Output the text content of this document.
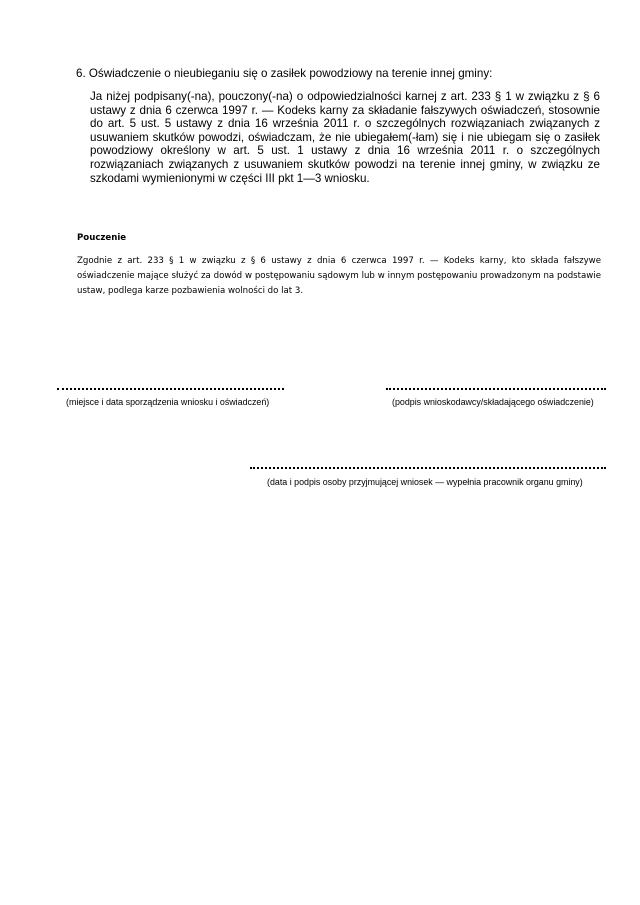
6. Oświadczenie o nieubieganiu się o zasiłek powodziowy na terenie innej gminy:
Ja niżej podpisany(-na), pouczony(-na) o odpowiedzialności karnej z art. 233 § 1 w związku z § 6 ustawy z dnia 6 czerwca 1997 r. — Kodeks karny za składanie fałszywych oświadczeń, stosownie do art. 5 ust. 5 ustawy z dnia 16 września 2011 r. o szczególnych rozwiązaniach związanych z usuwaniem skutków powodzi, oświadczam, że nie ubiegałem(-łam) się i nie ubiegam się o zasiłek powodziowy określony w art. 5 ust. 1 ustawy z dnia 16 września 2011 r. o szczególnych rozwiązaniach związanych z usuwaniem skutków powodzi na terenie innej gminy, w związku ze szkodami wymienionymi w części III pkt 1—3 wniosku.
Pouczenie
Zgodnie z art. 233 § 1 w związku z § 6 ustawy z dnia 6 czerwca 1997 r. — Kodeks karny, kto składa fałszywe oświadczenie mające służyć za dowód w postępowaniu sądowym lub w innym postępowaniu prowadzonym na podstawie ustaw, podlega karze pozbawienia wolności do lat 3.
(miejsce i data sporządzenia wniosku i oświadczeń)	(podpis wnioskodawcy/składającego oświadczenie)
(data i podpis osoby przyjmującej wniosek — wypełnia pracownik organu gminy)
